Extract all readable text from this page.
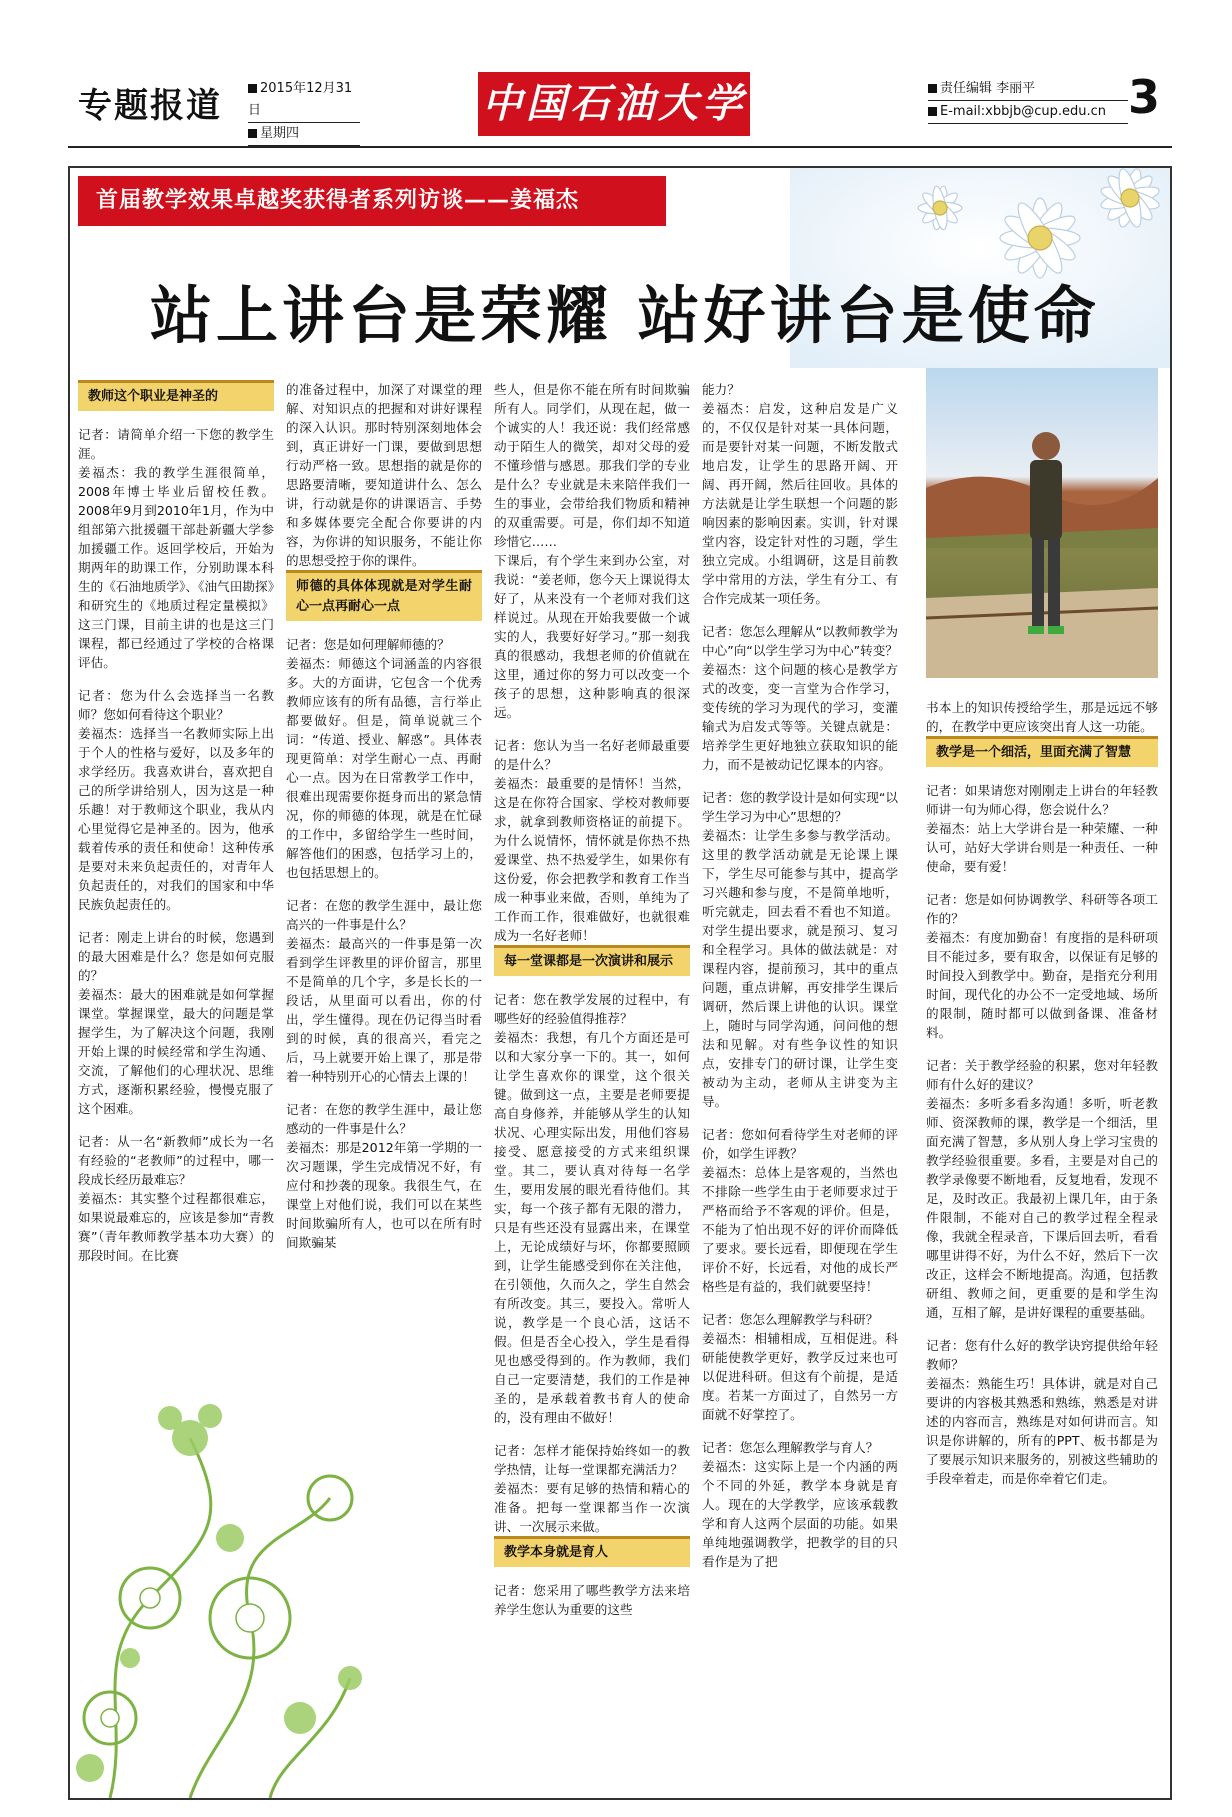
专题报道	2015年12月31日
星期四
中国石油大学	责任编辑 李丽平
E-mail:xbbjb@cup.edu.cn 3
首届教学效果卓越奖获得者系列访谈——姜福杰
站上讲台是荣耀 站好讲台是使命
教师这个职业是神圣的

记者：请简单介绍一下您的教学生涯。

姜福杰：我的教学生涯很简单，2008年博士毕业后留校任教。2008年9月到2010年1月，作为中组部第六批援疆干部赴新疆大学参加援疆工作。返回学校后，开始为期两年的助课工作，分别助课本科生的《石油地质学》、《油气田勘探》和研究生的《地质过程定量模拟》这三门课，目前主讲的也是这三门课程，都已经通过了学校的合格课评估。

记者：您为什么会选择当一名教师？您如何看待这个职业？

姜福杰：选择当一名教师实际上出于个人的性格与爱好，以及多年的求学经历。我喜欢讲台，喜欢把自己的所学讲给别人，因为这是一种乐趣！对于教师这个职业，我从内心里觉得它是神圣的。因为，他承载着传承的责任和使命！这种传承是要对未来负起责任的，对青年人负起责任的，对我们的国家和中华民族负起责任的。

记者：刚走上讲台的时候，您遇到的最大困难是什么？您是如何克服的？

姜福杰：最大的困难就是如何掌握课堂。掌握课堂，最大的问题是掌握学生，为了解决这个问题，我刚开始上课的时候经常和学生沟通、交流，了解他们的心理状况、思维方式，逐渐积累经验，慢慢克服了这个困难。

记者：从一名“新教师”成长为一名有经验的“老教师”的过程中，哪一段成长经历最难忘？

姜福杰：其实整个过程都很难忘，如果说最难忘的，应该是参加“青教赛”（青年教师教学基本功大赛）的那段时间。在比赛

的准备过程中，加深了对课堂的理解、对知识点的把握和对讲好课程的深入认识。那时特别深刻地体会到，真正讲好一门课，要做到思想行动严格一致。思想指的就是你的思路要清晰，要知道讲什么、怎么讲，行动就是你的讲课语言、手势和多媒体要完全配合你要讲的内容，为你讲的知识服务，不能让你的思想受控于你的课件。

师德的具体体现就是对学生耐心一点再耐心一点

记者：您是如何理解师德的？

姜福杰：师德这个词涵盖的内容很多。大的方面讲，它包含一个优秀教师应该有的所有品德，言行举止都要做好。但是，简单说就三个词：“传道、授业、解惑”。具体表现更简单：对学生耐心一点、再耐心一点。因为在日常教学工作中，很难出现需要你挺身而出的紧急情况，你的师德的体现，就是在忙碌的工作中，多留给学生一些时间，解答他们的困惑，包括学习上的，也包括思想上的。

记者：在您的教学生涯中，最让您高兴的一件事是什么？

姜福杰：最高兴的一件事是第一次看到学生评教里的评价留言，那里不是简单的几个字，多是长长的一段话，从里面可以看出，你的付出，学生懂得。现在仍记得当时看到的时候，真的很高兴，看完之后，马上就要开始上课了，那是带着一种特别开心的心情去上课的！

记者：在您的教学生涯中，最让您感动的一件事是什么？

姜福杰：那是2012年第一学期的一次习题课，学生完成情况不好，有应付和抄袭的现象。我很生气，在课堂上对他们说，我们可以在某些时间欺骗所有人，也可以在所有时间欺骗某

些人，但是你不能在所有时间欺骗所有人。同学们，从现在起，做一个诚实的人！我还说：我们经常感动于陌生人的微笑，却对父母的爱不懂珍惜与感恩。那我们学的专业是什么？专业就是未来陪伴我们一生的事业，会带给我们物质和精神的双重需要。可是，你们却不知道珍惜它……

下课后，有个学生来到办公室，对我说：“姜老师，您今天上课说得太好了，从来没有一个老师对我们这样说过。从现在开始我要做一个诚实的人，我要好好学习。”那一刻我真的很感动，我想老师的价值就在这里，通过你的努力可以改变一个孩子的思想，这种影响真的很深远。

记者：您认为当一名好老师最重要的是什么？

姜福杰：最重要的是情怀！当然，这是在你符合国家、学校对教师要求，就拿到教师资格证的前提下。为什么说情怀，情怀就是你热不热爱课堂、热不热爱学生，如果你有这份爱，你会把教学和教育工作当成一种事业来做，否则，单纯为了工作而工作，很难做好，也就很难成为一名好老师！

每一堂课都是一次演讲和展示

记者：您在教学发展的过程中，有哪些好的经验值得推荐？

姜福杰：我想，有几个方面还是可以和大家分享一下的。其一，如何让学生喜欢你的课堂，这个很关键。做到这一点，主要是老师要提高自身修养，并能够从学生的认知状况、心理实际出发，用他们容易接受、愿意接受的方式来组织课堂。其二，要认真对待每一名学生，要用发展的眼光看待他们。其实，每一个孩子都有无限的潜力，只是有些还没有显露出来，在课堂上，无论成绩好与坏，你都要照顾到，让学生能感受到你在关注他，在引领他，久而久之，学生自然会有所改变。其三，要投入。常听人说，教学是一个良心活，这话不假。但是否全心投入，学生是看得见也感受得到的。作为教师，我们自己一定要清楚，我们的工作是神圣的，是承载着教书育人的使命的，没有理由不做好！

记者：怎样才能保持始终如一的教学热情，让每一堂课都充满活力？

姜福杰：要有足够的热情和精心的准备。把每一堂课都当作一次演讲、一次展示来做。

教学本身就是育人

记者：您采用了哪些教学方法来培养学生您认为重要的这些

能力？

姜福杰：启发，这种启发是广义的，不仅仅是针对某一具体问题，而是要针对某一问题，不断发散式地启发，让学生的思路开阔、开阔、再开阔，然后往回收。具体的方法就是让学生联想一个问题的影响因素的影响因素。实训，针对课堂内容，设定针对性的习题，学生独立完成。小组调研，这是目前教学中常用的方法，学生有分工、有合作完成某一项任务。

记者：您怎么理解从“以教师教学为中心”向“以学生学习为中心”转变？

姜福杰：这个问题的核心是教学方式的改变，变一言堂为合作学习，变传统的学习为现代的学习，变灌输式为启发式等等。关键点就是：培养学生更好地独立获取知识的能力，而不是被动记忆课本的内容。

记者：您的教学设计是如何实现“以学生学习为中心”思想的？

姜福杰：让学生多参与教学活动。这里的教学活动就是无论课上课下，学生尽可能参与其中，提高学习兴趣和参与度，不是简单地听，听完就走，回去看不看也不知道。对学生提出要求，就是预习、复习和全程学习。具体的做法就是：对课程内容，提前预习，其中的重点问题，重点讲解，再安排学生课后调研，然后课上讲他的认识。课堂上，随时与同学沟通，问问他的想法和见解。对有些争议性的知识点，安排专门的研讨课，让学生变被动为主动，老师从主讲变为主导。

记者：您如何看待学生对老师的评价，如学生评教？

姜福杰：总体上是客观的，当然也不排除一些学生由于老师要求过于严格而给予不客观的评价。但是，不能为了怕出现不好的评价而降低了要求。要长远看，即便现在学生评价不好，长远看，对他的成长严格些是有益的，我们就要坚持！

记者：您怎么理解教学与科研？

姜福杰：相辅相成，互相促进。科研能使教学更好，教学反过来也可以促进科研。但这有个前提，是适度。若某一方面过了，自然另一方面就不好掌控了。

记者：您怎么理解教学与育人？

姜福杰：这实际上是一个内涵的两个不同的外延，教学本身就是育人。现在的大学教学，应该承载教学和育人这两个层面的功能。如果单纯地强调教学，把教学的目的只看作是为了把

书本上的知识传授给学生，那是远远不够的，在教学中更应该突出育人这一功能。

教学是一个细活，里面充满了智慧

记者：如果请您对刚刚走上讲台的年轻教师讲一句为师心得，您会说什么？

姜福杰：站上大学讲台是一种荣耀、一种认可，站好大学讲台则是一种责任、一种使命，要有爱！

记者：您是如何协调教学、科研等各项工作的？

姜福杰：有度加勤奋！有度指的是科研项目不能过多，要有取舍，以保证有足够的时间投入到教学中。勤奋，是指充分利用时间，现代化的办公不一定受地域、场所的限制，随时都可以做到备课、准备材料。

记者：关于教学经验的积累，您对年轻教师有什么好的建议？

姜福杰：多听多看多沟通！多听，听老教师、资深教师的课，教学是一个细活，里面充满了智慧，多从别人身上学习宝贵的教学经验很重要。多看，主要是对自己的教学录像要不断地看，反复地看，发现不足，及时改正。我最初上课几年，由于条件限制，不能对自己的教学过程全程录像，我就全程录音，下课后回去听，看看哪里讲得不好，为什么不好，然后下一次改正，这样会不断地提高。沟通，包括教研组、教师之间，更重要的是和学生沟通，互相了解，是讲好课程的重要基础。

记者：您有什么好的教学诀窍提供给年轻教师？

姜福杰：熟能生巧！具体讲，就是对自己要讲的内容极其熟悉和熟练，熟悉是对讲述的内容而言，熟练是对如何讲而言。知识是你讲解的，所有的PPT、板书都是为了要展示知识来服务的，别被这些辅助的手段牵着走，而是你牵着它们走。
